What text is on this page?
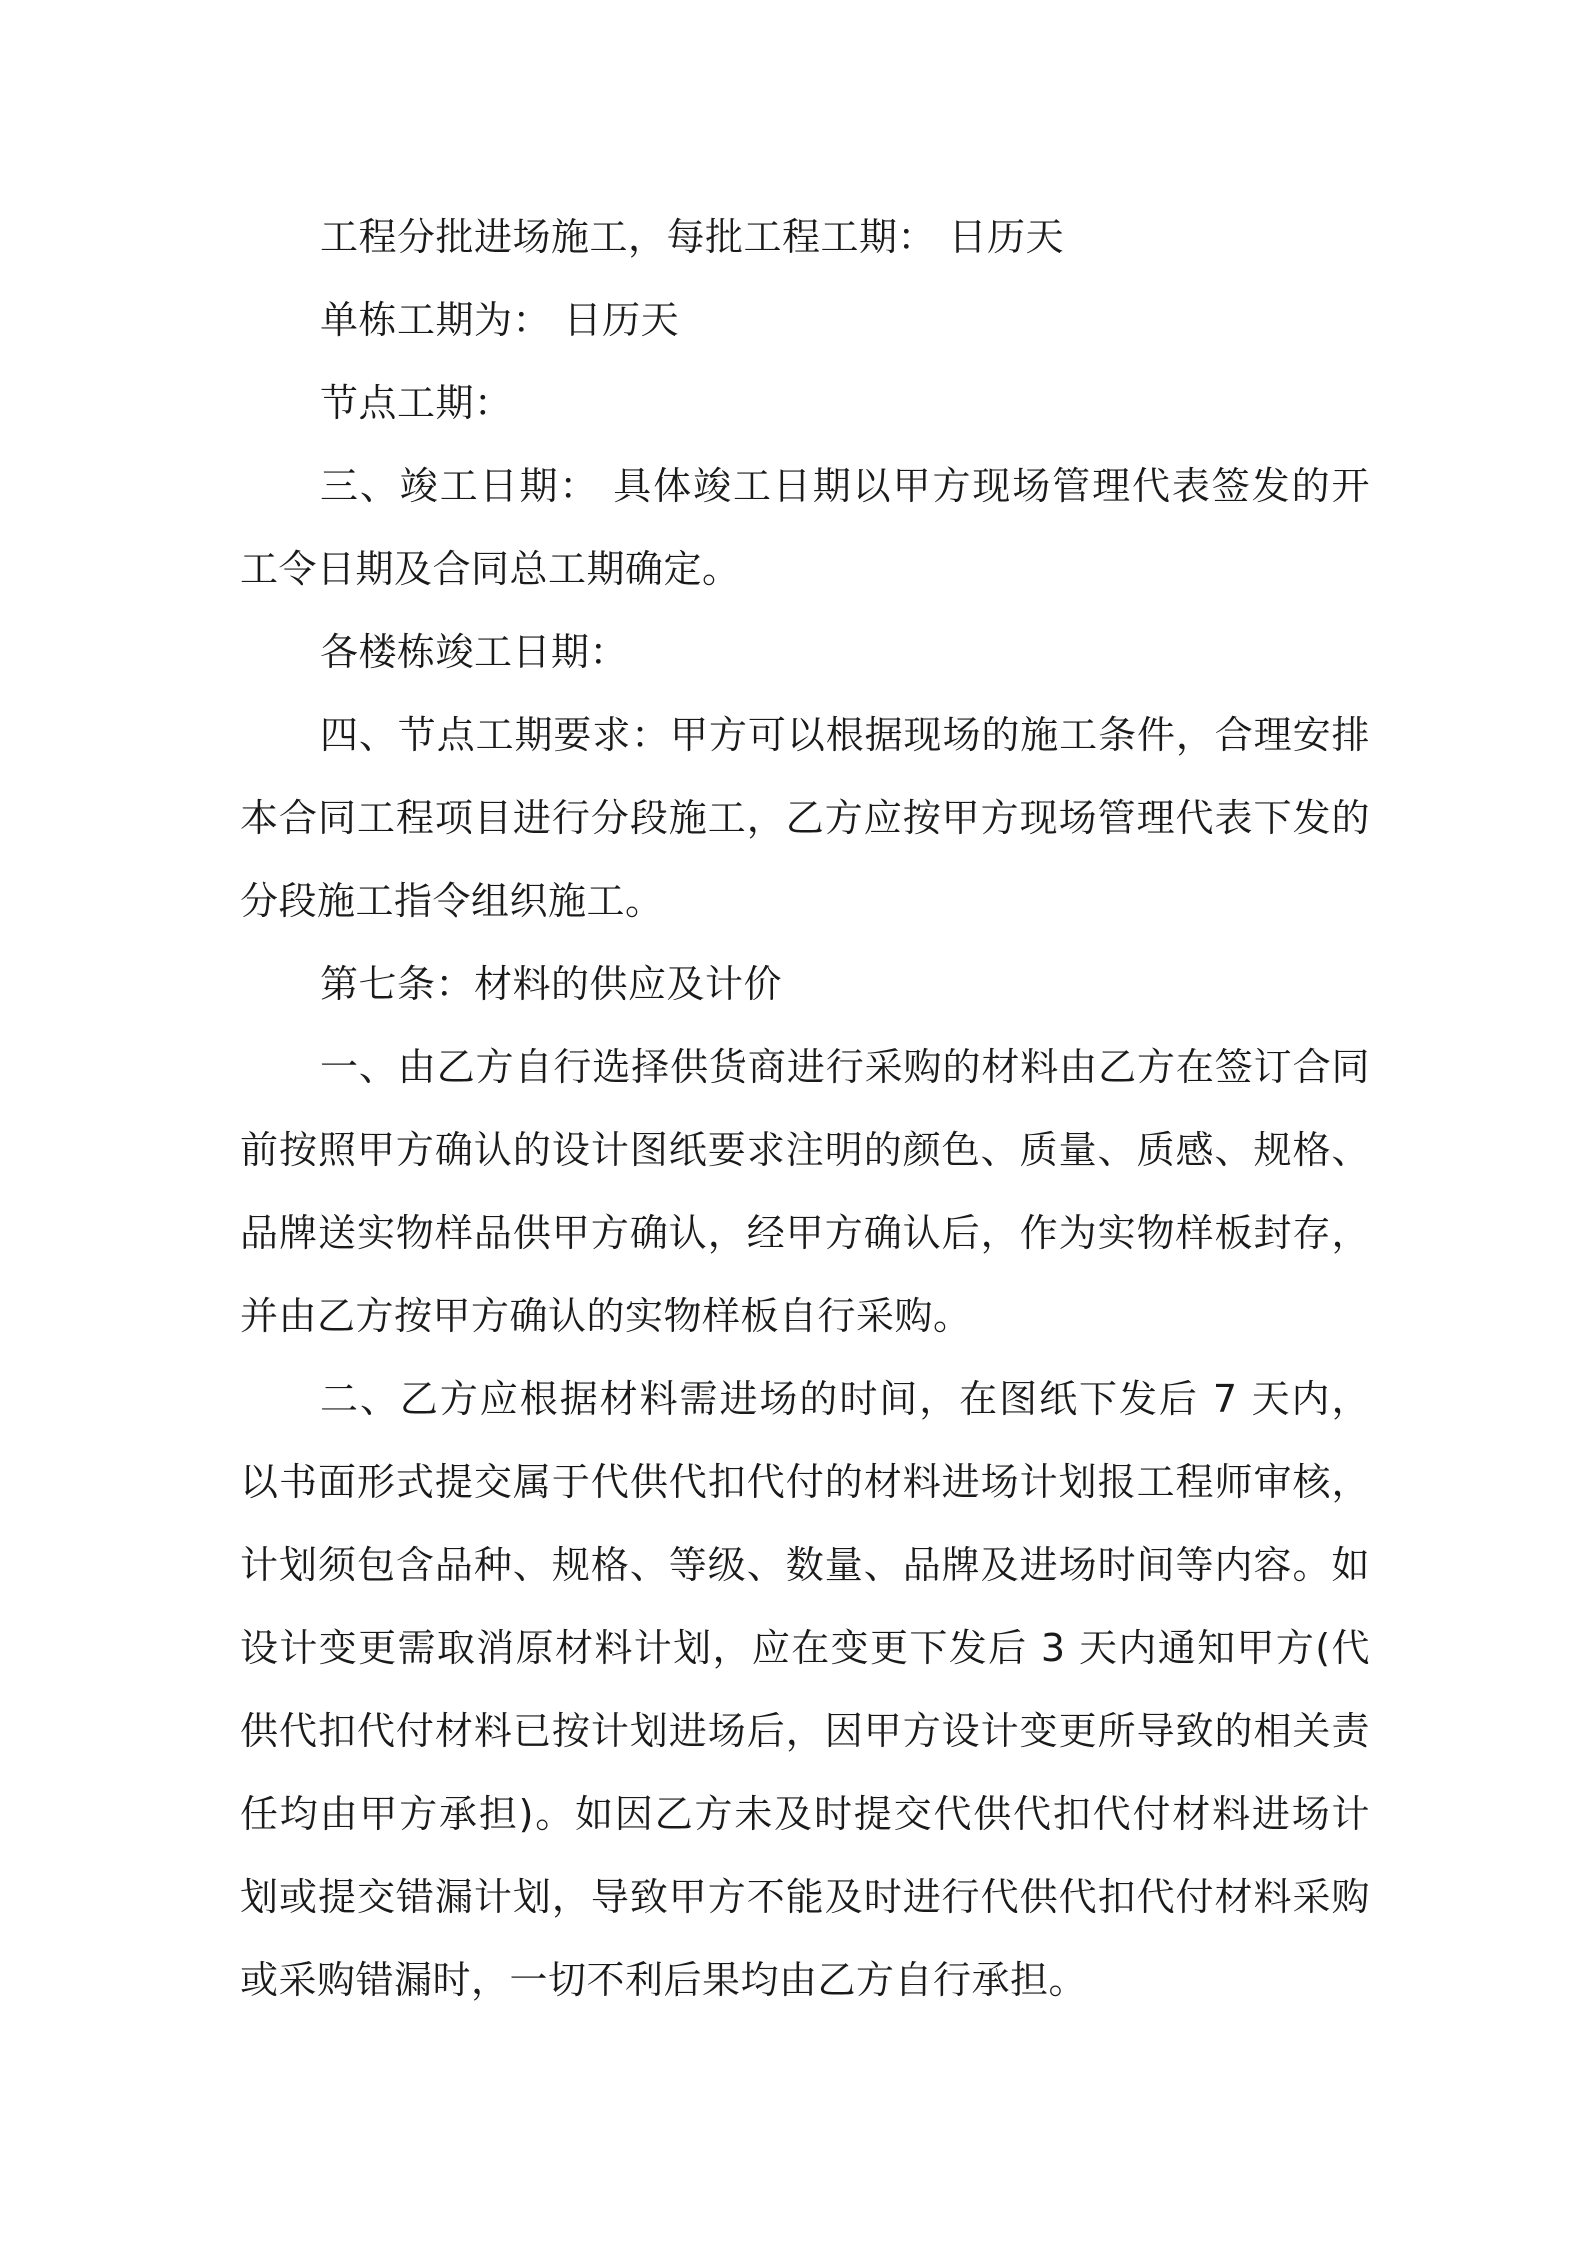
工程分批进场施工，每批工程工期： 日历天

单栋工期为： 日历天

节点工期：

三、竣工日期： 具体竣工日期以甲方现场管理代表签发的开工令日期及合同总工期确定。

各楼栋竣工日期：

四、节点工期要求：甲方可以根据现场的施工条件，合理安排本合同工程项目进行分段施工，乙方应按甲方现场管理代表下发的分段施工指令组织施工。

第七条：材料的供应及计价

一、由乙方自行选择供货商进行采购的材料由乙方在签订合同前按照甲方确认的设计图纸要求注明的颜色、质量、质感、规格、品牌送实物样品供甲方确认，经甲方确认后，作为实物样板封存，并由乙方按甲方确认的实物样板自行采购。

二、乙方应根据材料需进场的时间，在图纸下发后 7 天内，以书面形式提交属于代供代扣代付的材料进场计划报工程师审核，计划须包含品种、规格、等级、数量、品牌及进场时间等内容。如设计变更需取消原材料计划，应在变更下发后 3 天内通知甲方(代供代扣代付材料已按计划进场后，因甲方设计变更所导致的相关责任均由甲方承担)。如因乙方未及时提交代供代扣代付材料进场计划或提交错漏计划，导致甲方不能及时进行代供代扣代付材料采购或采购错漏时，一切不利后果均由乙方自行承担。
